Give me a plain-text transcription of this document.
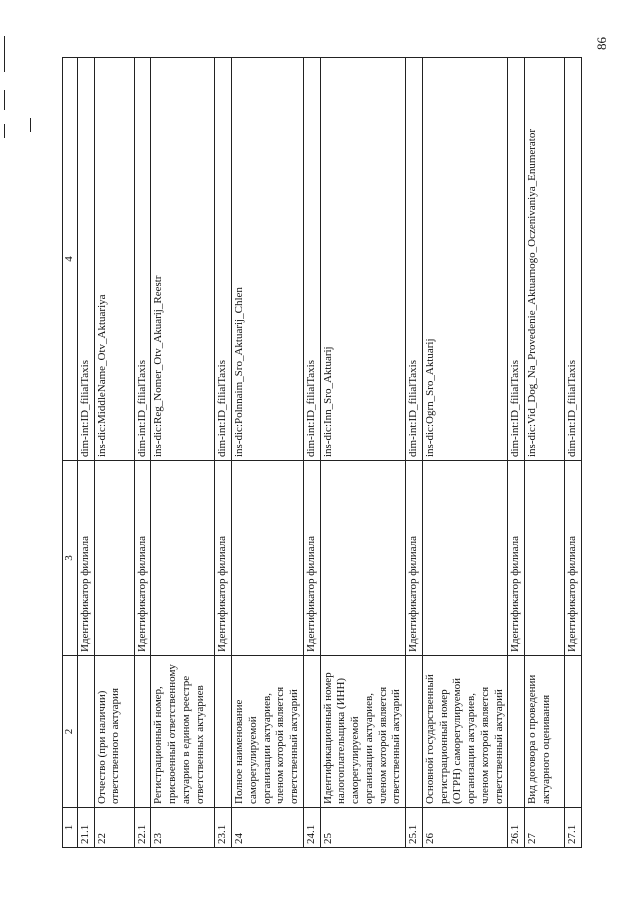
86
1	2	3	4
21.1		Идентификатор филиала	dim-int:ID_filialTaxis
22	Отчество (при наличии) ответственного актуария		ins-dic:MiddleName_Otv_Aktuariya
22.1		Идентификатор филиала	dim-int:ID_filialTaxis
23	Регистрационный номер, присвоенный ответственному актуарию в едином реестре ответственных актуариев		ins-dic:Reg_Nomer_Otv_Akuarij_Reestr
23.1		Идентификатор филиала	dim-int:ID_filialTaxis
24	Полное наименование саморегулируемой организации актуариев, членом которой является ответственный актуарий		ins-dic:Polnnaim_Sro_Aktuarij_Chlen
24.1		Идентификатор филиала	dim-int:ID_filialTaxis
25	Идентификационный номер налогоплательщика (ИНН) саморегулируемой организации актуариев, членом которой является ответственный актуарий		ins-dic:Inn_Sro_Aktuarij
25.1		Идентификатор филиала	dim-int:ID_filialTaxis
26	Основной государственный регистрационный номер (ОГРН) саморегулируемой организации актуариев, членом которой является ответственный актуарий		ins-dic:Ogrn_Sro_Aktuarij
26.1		Идентификатор филиала	dim-int:ID_filialTaxis
27	Вид договора о проведении актуарного оценивания		ins-dic:Vid_Dog_Na_Provedenie_Aktuarnogo_Oczenivaniya_Enumerator
27.1		Идентификатор филиала	dim-int:ID_filialTaxis
